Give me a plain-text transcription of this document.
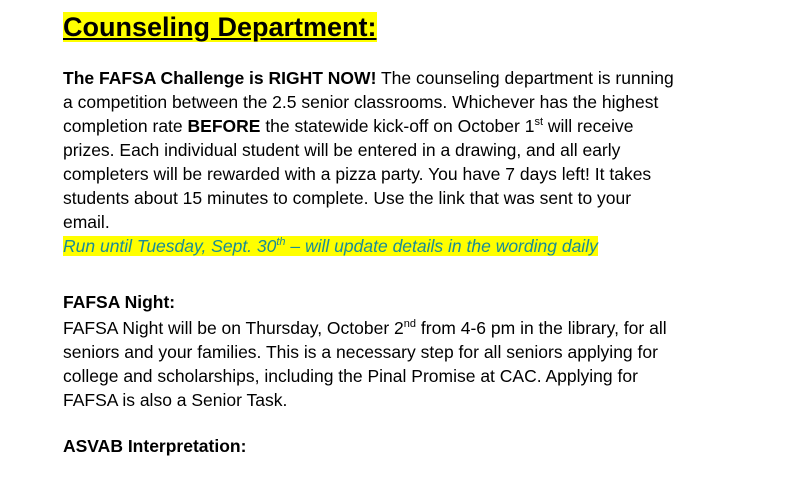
Counseling Department:
The FAFSA Challenge is RIGHT NOW! The counseling department is running
a competition between the 2.5 senior classrooms. Whichever has the highest
completion rate BEFORE the statewide kick-off on October 1st will receive
prizes. Each individual student will be entered in a drawing, and all early
completers will be rewarded with a pizza party. You have 7 days left! It takes
students about 15 minutes to complete. Use the link that was sent to your
email.
Run until Tuesday, Sept. 30th – will update details in the wording daily
FAFSA Night:
FAFSA Night will be on Thursday, October 2nd from 4-6 pm in the library, for all
seniors and your families. This is a necessary step for all seniors applying for
college and scholarships, including the Pinal Promise at CAC. Applying for
FAFSA is also a Senior Task.
ASVAB Interpretation:
